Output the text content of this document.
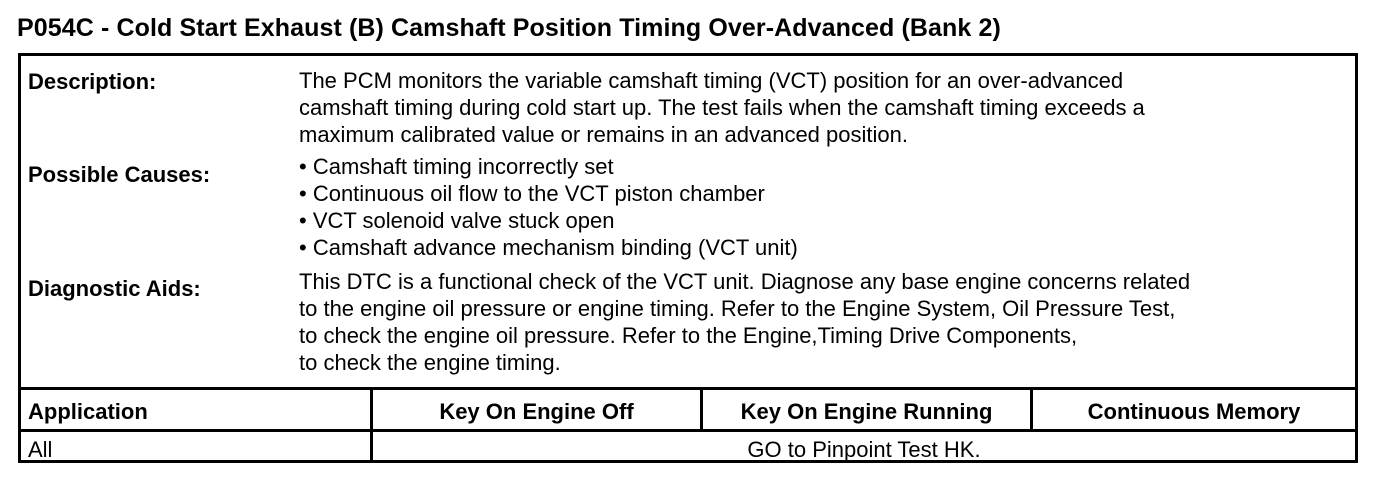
P054C - Cold Start Exhaust (B) Camshaft Position Timing Over-Advanced (Bank 2)
Description:	The PCM monitors the variable camshaft timing (VCT) position for an over-advanced
camshaft timing during cold start up. The test fails when the camshaft timing exceeds a
maximum calibrated value or remains in an advanced position.
Possible Causes:	• Camshaft timing incorrectly set
• Continuous oil flow to the VCT piston chamber
• VCT solenoid valve stuck open
• Camshaft advance mechanism binding (VCT unit)
Diagnostic Aids:	This DTC is a functional check of the VCT unit. Diagnose any base engine concerns related
to the engine oil pressure or engine timing. Refer to the Engine System, Oil Pressure Test,
to check the engine oil pressure. Refer to the Engine,Timing Drive Components,
to check the engine timing.
Application	Key On Engine Off	Key On Engine Running	Continuous Memory
All	GO to Pinpoint Test HK.
